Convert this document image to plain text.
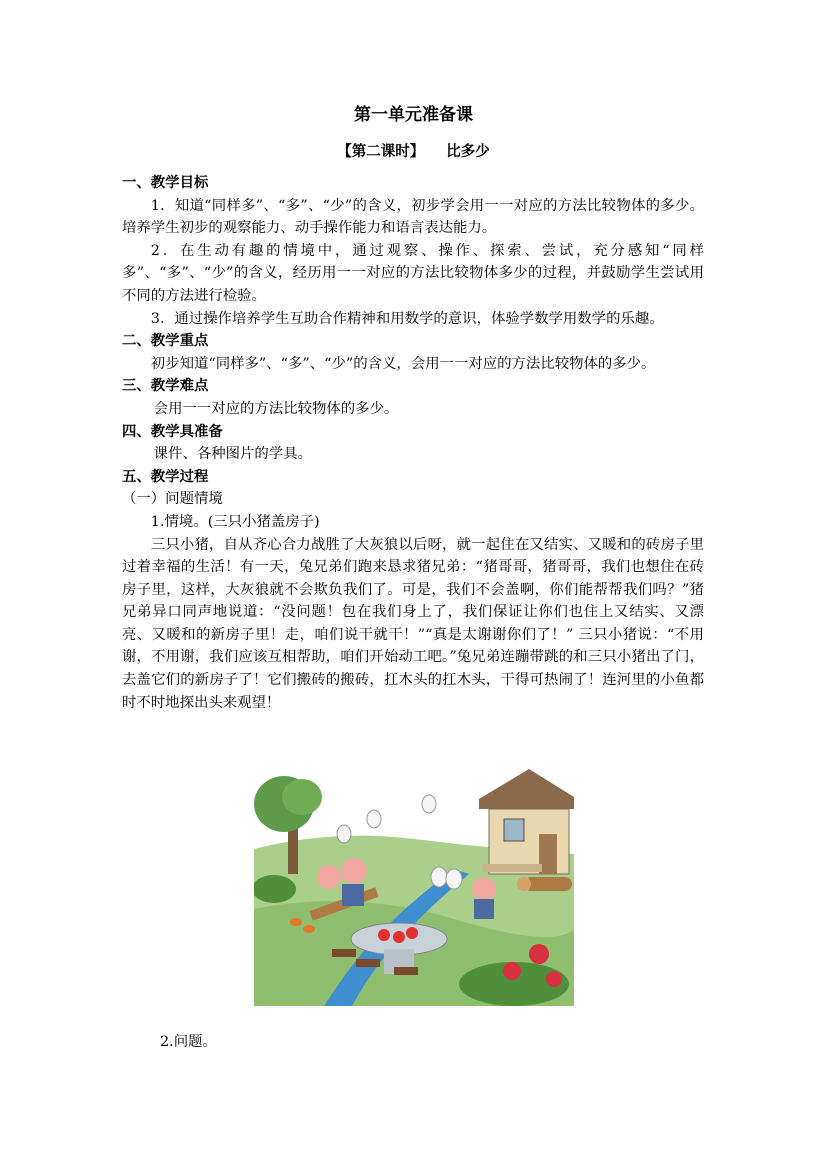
第一单元准备课
【第二课时】 比多少
一、教学目标

1．知道“同样多”、“多”、“少”的含义，初步学会用一一对应的方法比较物体的多少。培养学生初步的观察能力、动手操作能力和语言表达能力。

2．在生动有趣的情境中，通过观察、操作、探索、尝试，充分感知“同样多”、“多”、“少”的含义，经历用一一对应的方法比较物体多少的过程，并鼓励学生尝试用不同的方法进行检验。

3．通过操作培养学生互助合作精神和用数学的意识，体验学数学用数学的乐趣。

二、教学重点

初步知道“同样多”、“多”、“少”的含义，会用一一对应的方法比较物体的多少。

三、教学难点

会用一一对应的方法比较物体的多少。

四、教学具准备

课件、各种图片的学具。

五、教学过程

（一）问题情境

1.情境。(三只小猪盖房子)

三只小猪，自从齐心合力战胜了大灰狼以后呀，就一起住在又结实、又暖和的砖房子里过着幸福的生活！有一天，兔兄弟们跑来恳求猪兄弟：“猪哥哥，猪哥哥，我们也想住在砖房子里，这样，大灰狼就不会欺负我们了。可是，我们不会盖啊，你们能帮帮我们吗？”猪兄弟异口同声地说道：“没问题！包在我们身上了，我们保证让你们也住上又结实、又漂亮、又暖和的新房子里！走，咱们说干就干！”“真是太谢谢你们了！” 三只小猪说：“不用谢，不用谢，我们应该互相帮助，咱们开始动工吧。”兔兄弟连蹦带跳的和三只小猪出了门，去盖它们的新房子了！它们搬砖的搬砖，扛木头的扛木头，干得可热闹了！连河里的小鱼都时不时地探出头来观望！

2.问题。
